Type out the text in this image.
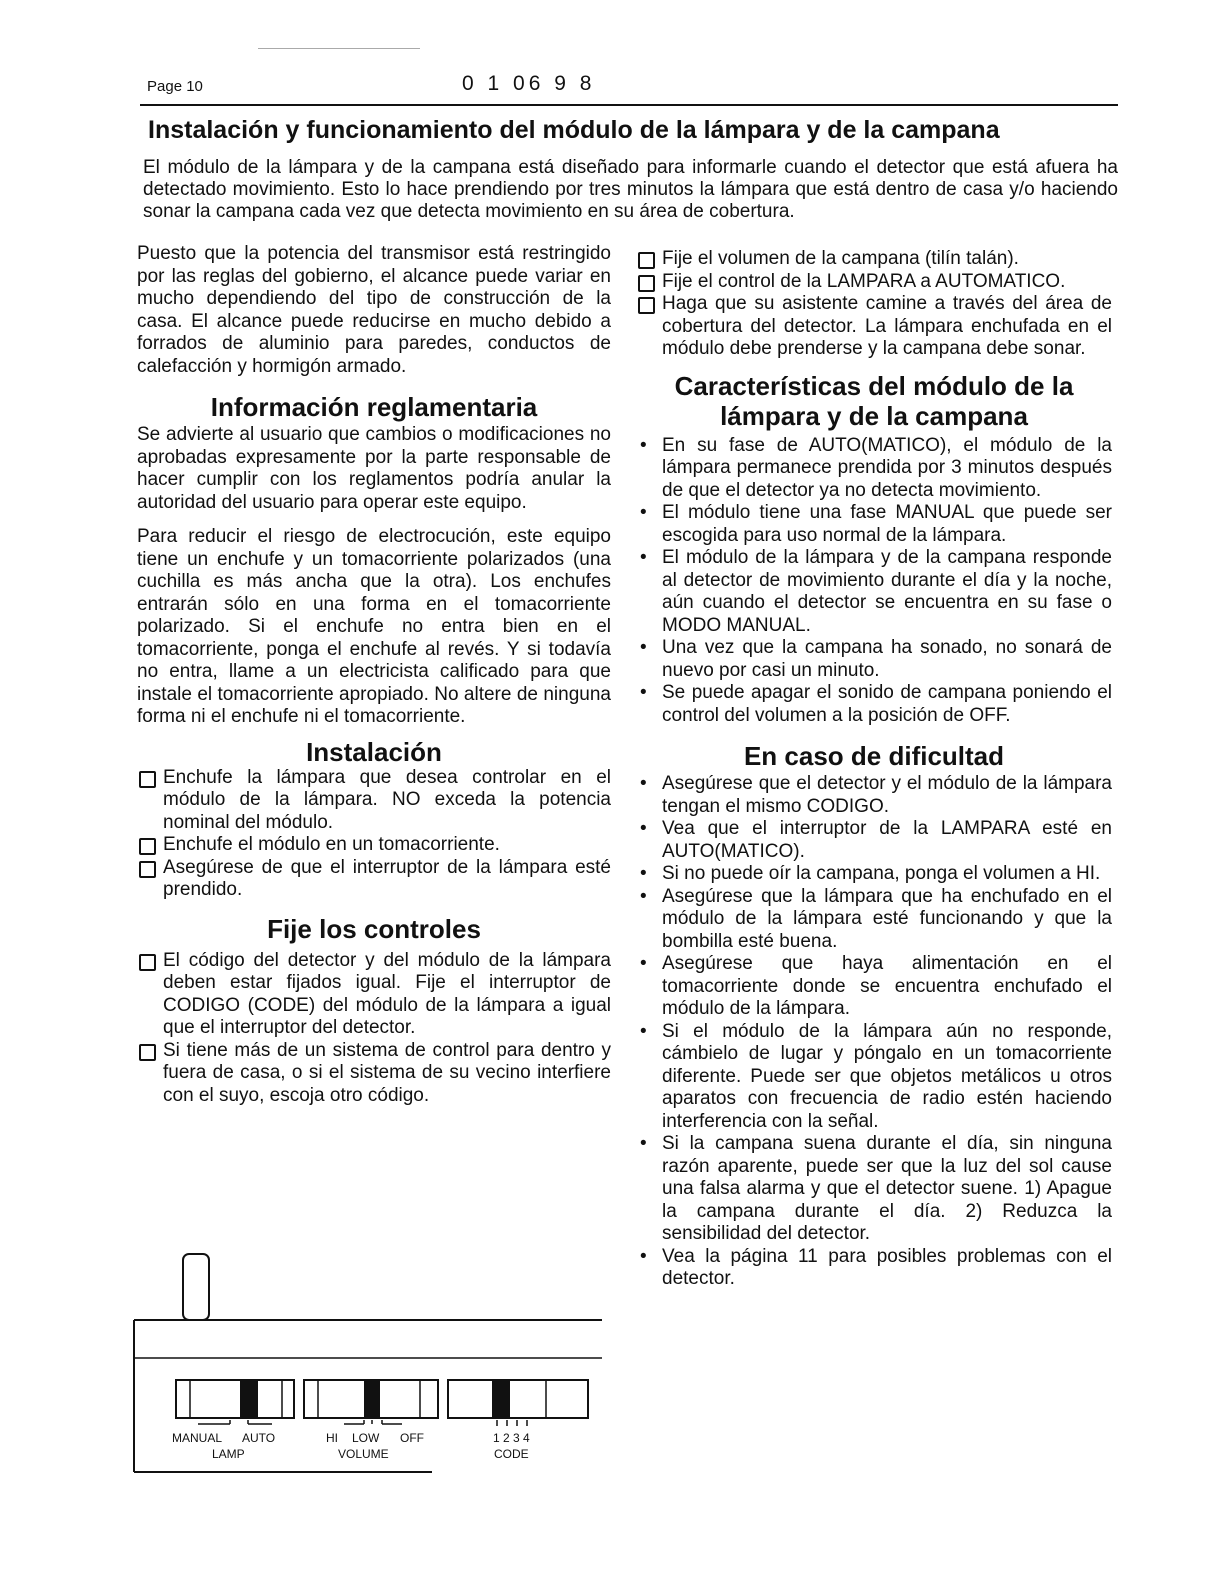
Page 10	0 1 06 9 8
Instalación y funcionamiento del módulo de la lámpara y de la campana

El módulo de la lámpara y de la campana está diseñado para informarle cuando el detector que está afuera ha detectado movimiento. Esto lo hace prendiendo por tres minutos la lámpara que está dentro de casa y/o haciendo sonar la campana cada vez que detecta movimiento en su área de cobertura.

Puesto que la potencia del transmisor está restringido por las reglas del gobierno, el alcance puede variar en mucho dependiendo del tipo de construcción de la casa. El alcance puede reducirse en mucho debido a forrados de aluminio para paredes, conductos de calefacción y hormigón armado.

Información reglamentaria

Se advierte al usuario que cambios o modificaciones no aprobadas expresamente por la parte responsable de hacer cumplir con los reglamentos podría anular la autoridad del usuario para operar este equipo.

Para reducir el riesgo de electrocución, este equipo tiene un enchufe y un tomacorriente polarizados (una cuchilla es más ancha que la otra). Los enchufes entrarán sólo en una forma en el tomacorriente polarizado. Si el enchufe no entra bien en el tomacorriente, ponga el enchufe al revés. Y si todavía no entra, llame a un electricista calificado para que instale el tomacorriente apropiado. No altere de ninguna forma ni el enchufe ni el tomacorriente.

Instalación
Enchufe la lámpara que desea controlar en el módulo de la lámpara. NO exceda la potencia nominal del módulo.
Enchufe el módulo en un tomacorriente.
Asegúrese de que el interruptor de la lámpara esté prendido.
Fije los controles
El código del detector y del módulo de la lámpara deben estar fijados igual. Fije el interruptor de CODIGO (CODE) del módulo de la lámpara a igual que el interruptor del detector.
Si tiene más de un sistema de control para dentro y fuera de casa, o si el sistema de su vecino interfiere con el suyo, escoja otro código.
MANUAL AUTO
LAMP
HI LOW OFF
VOLUME
1 2 3 4
CODE
Fije el volumen de la campana (tilín talán).
Fije el control de la LAMPARA a AUTOMATICO.
Haga que su asistente camine a través del área de cobertura del detector. La lámpara enchufada en el módulo debe prenderse y la campana debe sonar.
Características del módulo de la
lámpara y de la campana
• En su fase de AUTO(MATICO), el módulo de la lámpara permanece prendida por 3 minutos después de que el detector ya no detecta movimiento.
• El módulo tiene una fase MANUAL que puede ser escogida para uso normal de la lámpara.
• El módulo de la lámpara y de la campana responde al detector de movimiento durante el día y la noche, aún cuando el detector se encuentra en su fase o MODO MANUAL.
• Una vez que la campana ha sonado, no sonará de nuevo por casi un minuto.
• Se puede apagar el sonido de campana poniendo el control del volumen a la posición de OFF.
En caso de dificultad
• Asegúrese que el detector y el módulo de la lámpara tengan el mismo CODIGO.
• Vea que el interruptor de la LAMPARA esté en AUTO(MATICO).
• Si no puede oír la campana, ponga el volumen a HI.
• Asegúrese que la lámpara que ha enchufado en el módulo de la lámpara esté funcionando y que la bombilla esté buena.
• Asegúrese que haya alimentación en el tomacorriente donde se encuentra enchufado el módulo de la lámpara.
• Si el módulo de la lámpara aún no responde, cámbielo de lugar y póngalo en un tomacorriente diferente. Puede ser que objetos metálicos u otros aparatos con frecuencia de radio estén haciendo interferencia con la señal.
• Si la campana suena durante el día, sin ninguna razón aparente, puede ser que la luz del sol cause una falsa alarma y que el detector suene. 1) Apague la campana durante el día. 2) Reduzca la sensibilidad del detector.
• Vea la página 11 para posibles problemas con el detector.
